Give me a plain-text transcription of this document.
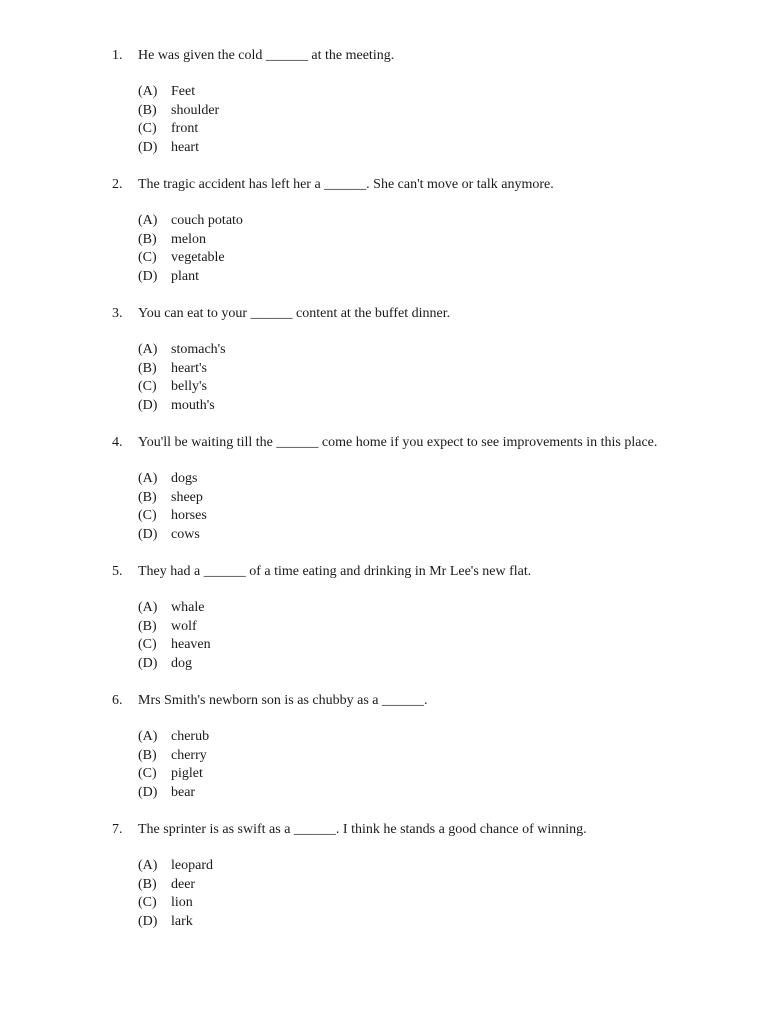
1.	He was given the cold ______ at the meeting.
(A) Feet
(B)	shoulder
(C)	front
(D) heart
2.	The tragic accident has left her a ______. She can't move or talk anymore.
(A) couch potato
(B)	melon
(C)	vegetable
(D) plant
3.	You can eat to your ______ content at the buffet dinner.
(A) stomach's
(B)	heart's
(C)	belly's
(D) mouth's
4.	You'll be waiting till the ______ come home if you expect to see improvements in this place.
(A) dogs
(B)	sheep
(C)	horses
(D) cows
5.	They had a ______ of a time eating and drinking in Mr Lee's new flat.
(A) whale
(B)	wolf
(C)	heaven
(D) dog
6.	Mrs Smith's newborn son is as chubby as a ______.
(A) cherub
(B)	cherry
(C)	piglet
(D) bear
7.	The sprinter is as swift as a ______. I think he stands a good chance of winning.
(A) leopard
(B)	deer
(C)	lion
(D) lark
